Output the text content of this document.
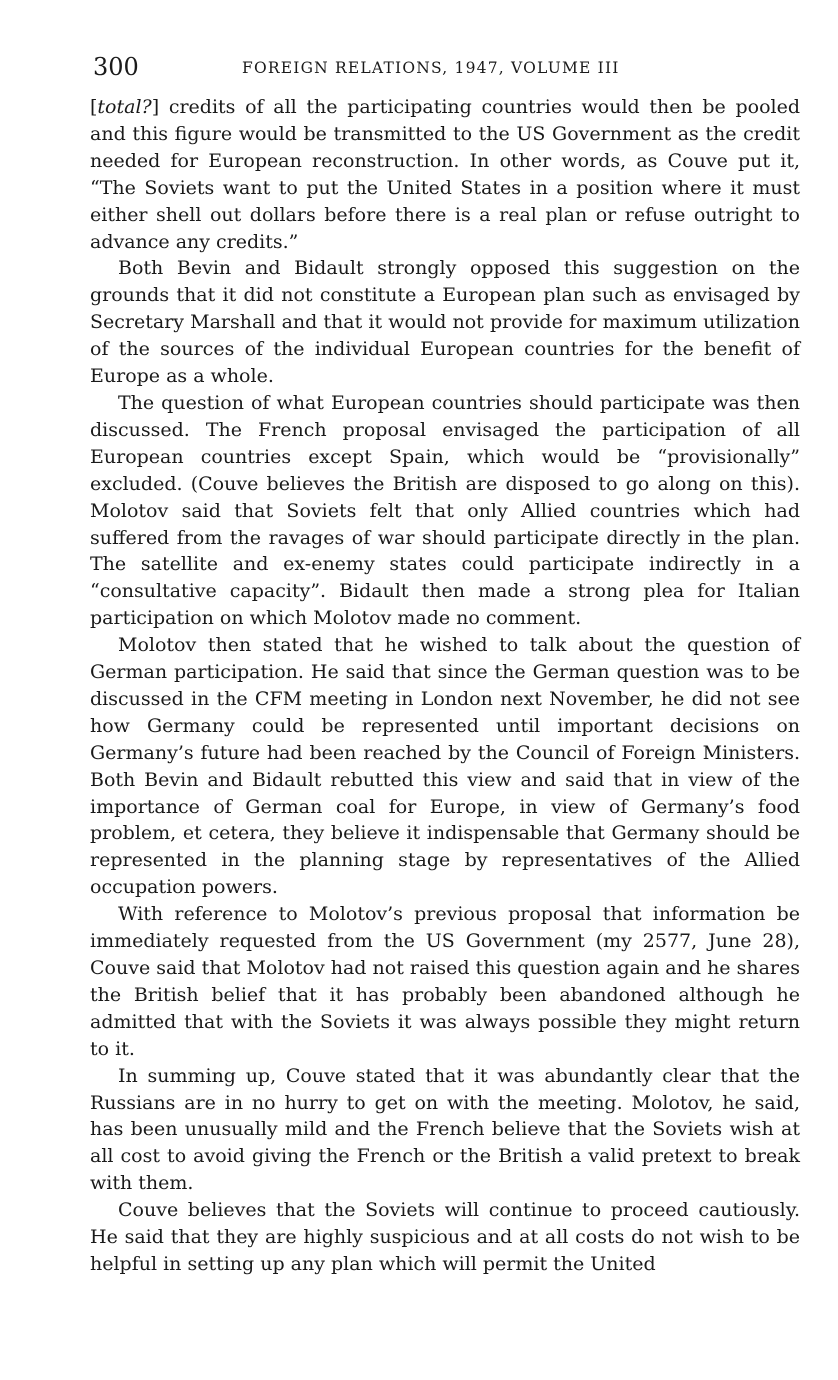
300	FOREIGN RELATIONS, 1947, VOLUME III

[total?] credits of all the participating countries would then be pooled and this figure would be transmitted to the US Government as the credit needed for European reconstruction. In other words, as Couve put it, “The Soviets want to put the United States in a position where it must either shell out dollars before there is a real plan or refuse outright to advance any credits.”

Both Bevin and Bidault strongly opposed this suggestion on the grounds that it did not constitute a European plan such as envisaged by Secretary Marshall and that it would not provide for maximum utilization of the sources of the individual European countries for the benefit of Europe as a whole.

The question of what European countries should participate was then discussed. The French proposal envisaged the participation of all European countries except Spain, which would be “provisionally” excluded. (Couve believes the British are disposed to go along on this). Molotov said that Soviets felt that only Allied countries which had suffered from the ravages of war should participate directly in the plan. The satellite and ex-enemy states could participate indirectly in a “consultative capacity”. Bidault then made a strong plea for Italian participation on which Molotov made no comment.

Molotov then stated that he wished to talk about the question of German participation. He said that since the German question was to be discussed in the CFM meeting in London next November, he did not see how Germany could be represented until important decisions on Germany’s future had been reached by the Council of Foreign Ministers. Both Bevin and Bidault rebutted this view and said that in view of the importance of German coal for Europe, in view of Germany’s food problem, et cetera, they believe it indispensable that Germany should be represented in the planning stage by representatives of the Allied occupation powers.

With reference to Molotov’s previous proposal that information be immediately requested from the US Government (my 2577, June 28), Couve said that Molotov had not raised this question again and he shares the British belief that it has probably been abandoned although he admitted that with the Soviets it was always possible they might return to it.

In summing up, Couve stated that it was abundantly clear that the Russians are in no hurry to get on with the meeting. Molotov, he said, has been unusually mild and the French believe that the Soviets wish at all cost to avoid giving the French or the British a valid pretext to break with them.

Couve believes that the Soviets will continue to proceed cautiously. He said that they are highly suspicious and at all costs do not wish to be helpful in setting up any plan which will permit the United
